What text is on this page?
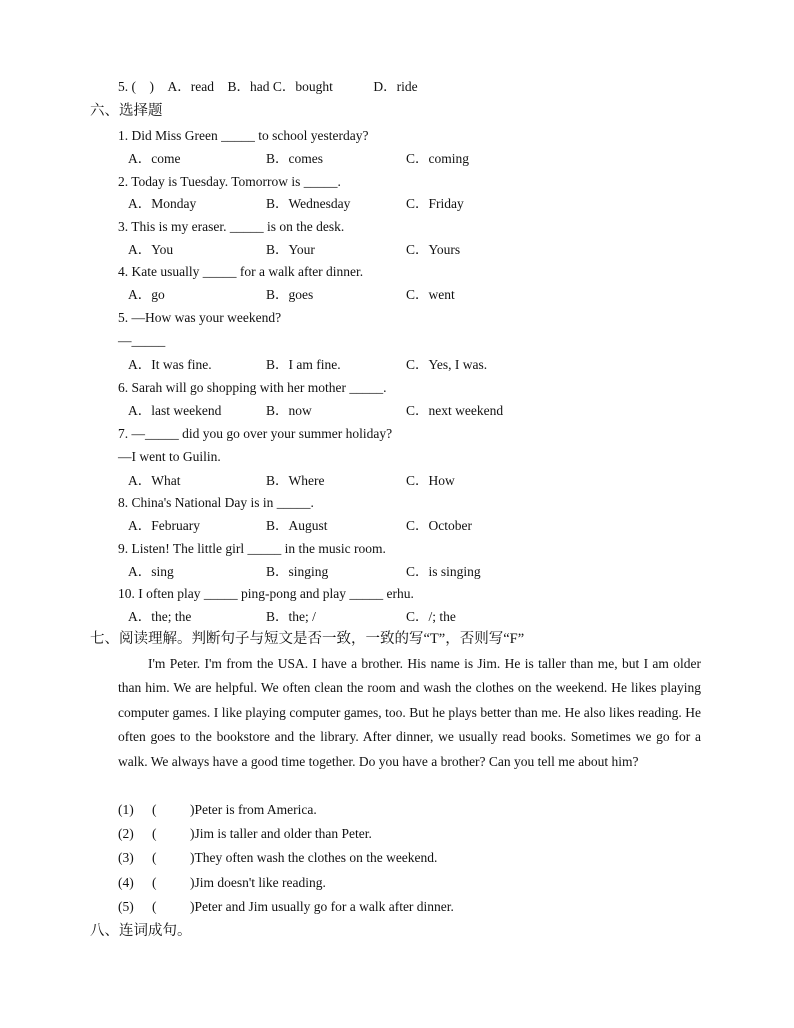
5. (　)　A．read　B．had C．bought　　　D．ride
六、选择题
1. Did Miss Green _____ to school yesterday?
A．come	B．comes	C．coming
2. Today is Tuesday. Tomorrow is _____.
A．Monday	B．Wednesday	C．Friday
3. This is my eraser. _____ is on the desk.
A．You	B．Your	C．Yours
4. Kate usually _____ for a walk after dinner.
A．go	B．goes	C．went
5. —How was your weekend?
—_____
A．It was fine.	B．I am fine.	C．Yes, I was.
6. Sarah will go shopping with her mother _____.
A．last weekend	B．now	C．next weekend
7. —_____ did you go over your summer holiday?
—I went to Guilin.
A．What	B．Where	C．How
8. China's National Day is in _____.
A．February	B．August	C．October
9. Listen! The little girl _____ in the music room.
A．sing	B．singing	C．is singing
10. I often play _____ ping-pong and play _____ erhu.
A．the; the	B．the; /	C．/; the
七、阅读理解。判断句子与短文是否一致，一致的写“T”，否则写“F”
I'm Peter. I'm from the USA. I have a brother. His name is Jim. He is taller than me, but I am older than him. We are helpful. We often clean the room and wash the clothes on the weekend. He likes playing computer games. I like playing computer games, too. But he plays better than me. He also likes reading. He often goes to the bookstore and the library. After dinner, we usually read books. Sometimes we go for a walk. We always have a good time together. Do you have a brother? Can you tell me about him?
(1) ( )Peter is from America.
(2) ( )Jim is taller and older than Peter.
(3) ( )They often wash the clothes on the weekend.
(4) ( )Jim doesn't like reading.
(5) ( )Peter and Jim usually go for a walk after dinner.
八、连词成句。
